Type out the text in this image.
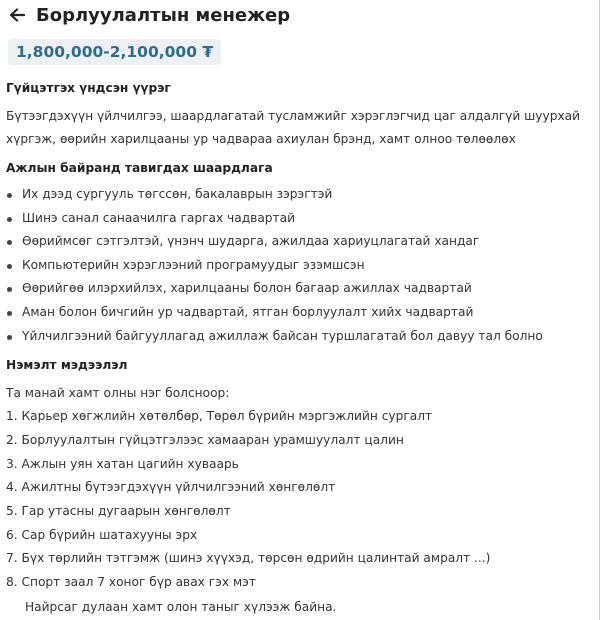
Борлуулалтын менежер
1,800,000-2,100,000 ₮
Гүйцэтгэх үндсэн үүрэг
Бүтээгдэхүүн үйлчилгээ, шаардлагатай тусламжийг хэрэглэгчид цаг алдалгүй шуурхай хүргэж, өөрийн харилцааны ур чадвараа ахиулан брэнд, хамт олноо төлөөлөх
Ажлын байранд тавигдах шаардлага
Их дээд сургууль төгссөн, бакалаврын зэрэгтэй
Шинэ санал санаачилга гаргах чадвартай
Өөриймсөг сэтгэлтэй, үнэнч шударга, ажилдаа хариуцлагатай хандаг
Компьютерийн хэрэглээний програмуудыг эзэмшсэн
Өөрийгөө илэрхийлэх, харилцааны болон багаар ажиллах чадвартай
Аман болон бичгийн ур чадвартай, ятган борлуулалт хийх чадвартай
Үйлчилгээний байгууллагад ажиллаж байсан туршлагатай бол давуу тал болно
Нэмэлт мэдээлэл
Та манай хамт олны нэг болсноор:
1. Карьер хөгжлийн хөтөлбөр, Төрөл бүрийн мэргэжлийн сургалт
2. Борлуулалтын гүйцэтгэлээс хамааран урамшуулалт цалин
3. Ажлын уян хатан цагийн хуваарь
4. Ажилтны бүтээгдэхүүн үйлчилгээний хөнгөлөлт
5. Гар утасны дугаарын хөнгөлөлт
6. Сар бүрийн шатахууны эрх
7. Бүх төрлийн тэтгэмж (шинэ хүүхэд, төрсөн өдрийн цалинтай амралт ...)
8. Спорт заал 7 хоног бүр авах гэх мэт
Найрсаг дулаан хамт олон таныг хүлээж байна.
